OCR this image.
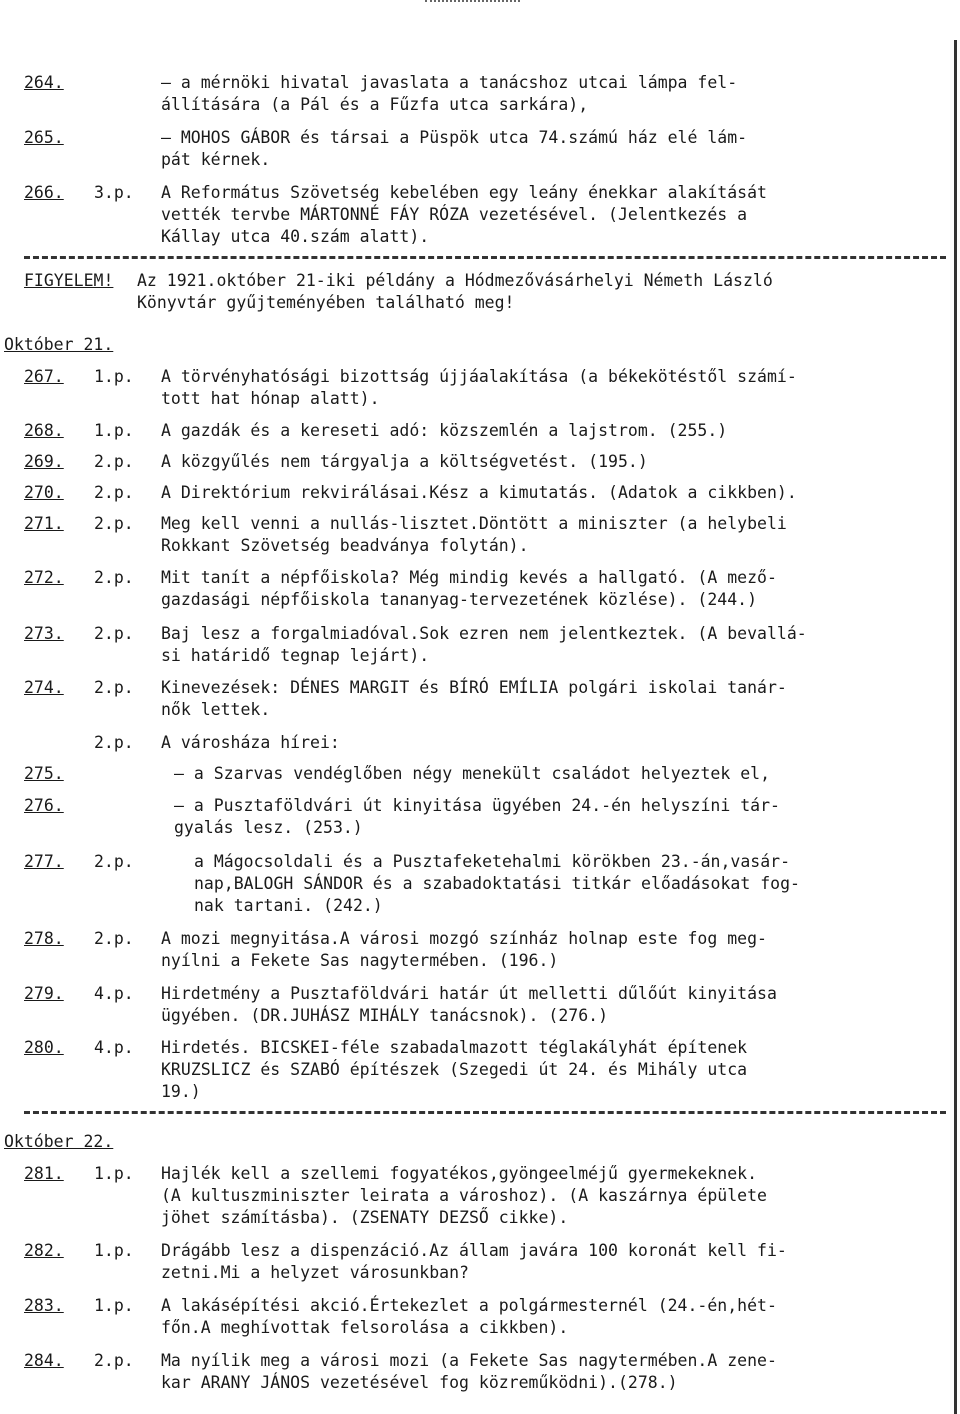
264.	– a mérnöki hivatal javaslata a tanácshoz utcai lámpa fel-
állítására (a Pál és a Fűzfa utca sarkára),
265.	– MOHOS GÁBOR és társai a Püspök utca 74.számú ház elé lám-
pát kérnek.
266. 3.p. A Református Szövetség kebelében egy leány énekkar alakítását
vették tervbe MÁRTONNÉ FÁY RÓZA vezetésével. (Jelentkezés a
Kállay utca 40.szám alatt).
FIGYELEM! Az 1921.október 21-iki példány a Hódmezővásárhelyi Németh László
Könyvtár gyűjteményében található meg!
Október 21.
267. 1.p. A törvényhatósági bizottság újjáalakítása (a békekötéstől számí-
tott hat hónap alatt).
268. 1.p. A gazdák és a kereseti adó: közszemlén a lajstrom. (255.)
269. 2.p. A közgyűlés nem tárgyalja a költségvetést. (195.)
270. 2.p. A Direktórium rekvirálásai.Kész a kimutatás. (Adatok a cikkben).
271. 2.p. Meg kell venni a nullás-lisztet.Döntött a miniszter (a helybeli
Rokkant Szövetség beadványa folytán).
272. 2.p. Mit tanít a népfőiskola? Még mindig kevés a hallgató. (A mező-
gazdasági népfőiskola tananyag-tervezetének közlése). (244.)
273. 2.p. Baj lesz a forgalmiadóval.Sok ezren nem jelentkeztek. (A bevallá-
si határidő tegnap lejárt).
274. 2.p. Kinevezések: DÉNES MARGIT és BÍRÓ EMÍLIA polgári iskolai tanár-
nők lettek.
2.p. A városháza hírei:
275.	– a Szarvas vendéglőben négy menekült családot helyeztek el,
276.	– a Pusztaföldvári út kinyitása ügyében 24.-én helyszíni tár-
gyalás lesz. (253.)
277. 2.p.	a Mágocsoldali és a Pusztafeketehalmi körökben 23.-án,vasár-
nap,BALOGH SÁNDOR és a szabadoktatási titkár előadásokat fog-
nak tartani. (242.)
278. 2.p. A mozi megnyitása.A városi mozgó színház holnap este fog meg-
nyílni a Fekete Sas nagytermében. (196.)
279. 4.p. Hirdetmény a Pusztaföldvári határ út melletti dűlőút kinyitása
ügyében. (DR.JUHÁSZ MIHÁLY tanácsnok). (276.)
280. 4.p. Hirdetés. BICSKEI-féle szabadalmazott téglakályhát építenek
KRUZSLICZ és SZABÓ építészek (Szegedi út 24. és Mihály utca
19.)
Október 22.
281. 1.p. Hajlék kell a szellemi fogyatékos,gyöngeelméjű gyermekeknek.
(A kultuszminiszter leirata a városhoz). (A kaszárnya épülete
jöhet számításba). (ZSENATY DEZSŐ cikke).
282. 1.p. Drágább lesz a dispenzáció.Az állam javára 100 koronát kell fi-
zetni.Mi a helyzet városunkban?
283. 1.p. A lakásépítési akció.Értekezlet a polgármesternél (24.-én,hét-
főn.A meghívottak felsorolása a cikkben).
284. 2.p. Ma nyílik meg a városi mozi (a Fekete Sas nagytermében.A zene-
kar ARANY JÁNOS vezetésével fog közreműködni).(278.)
